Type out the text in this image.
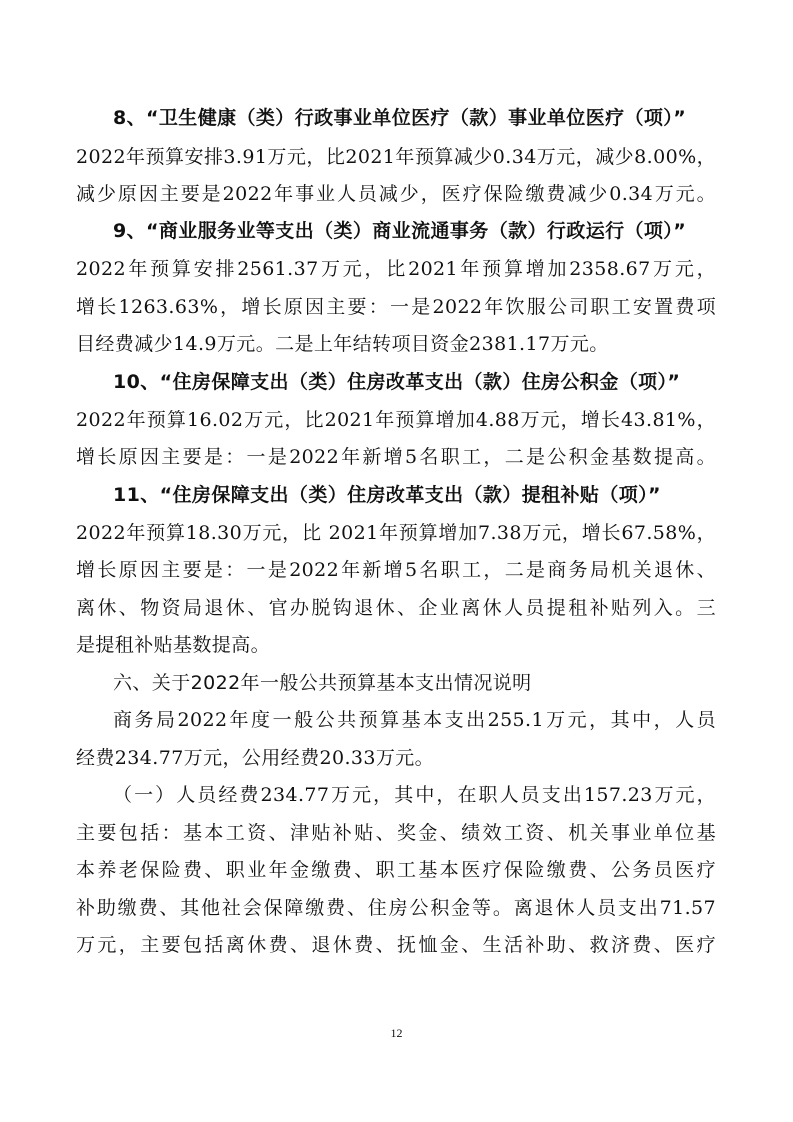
8、“卫生健康（类）行政事业单位医疗（款）事业单位医疗（项）”
2022年预算安排3.91万元，比2021年预算减少0.34万元，减少8.00%，
减少原因主要是2022年事业人员减少，医疗保险缴费减少0.34万元。
9、“商业服务业等支出（类）商业流通事务（款）行政运行（项）”
2022年预算安排2561.37万元，比2021年预算增加2358.67万元，
增长1263.63%，增长原因主要：一是2022年饮服公司职工安置费项
目经费减少14.9万元。二是上年结转项目资金2381.17万元。
10、“住房保障支出（类）住房改革支出（款）住房公积金（项）”
2022年预算16.02万元，比2021年预算增加4.88万元，增长43.81%，
增长原因主要是：一是2022年新增5名职工，二是公积金基数提高。
11、“住房保障支出（类）住房改革支出（款）提租补贴（项）”
2022年预算18.30万元，比 2021年预算增加7.38万元，增长67.58%，
增长原因主要是：一是2022年新增5名职工，二是商务局机关退休、
离休、物资局退休、官办脱钩退休、企业离休人员提租补贴列入。三
是提租补贴基数提高。
六、关于2022年一般公共预算基本支出情况说明
商务局2022年度一般公共预算基本支出255.1万元，其中，人员
经费234.77万元，公用经费20.33万元。
（一）人员经费234.77万元，其中，在职人员支出157.23万元，
主要包括：基本工资、津贴补贴、奖金、绩效工资、机关事业单位基
本养老保险费、职业年金缴费、职工基本医疗保险缴费、公务员医疗
补助缴费、其他社会保障缴费、住房公积金等。离退休人员支出71.57
万元，主要包括离休费、退休费、抚恤金、生活补助、救济费、医疗
12
